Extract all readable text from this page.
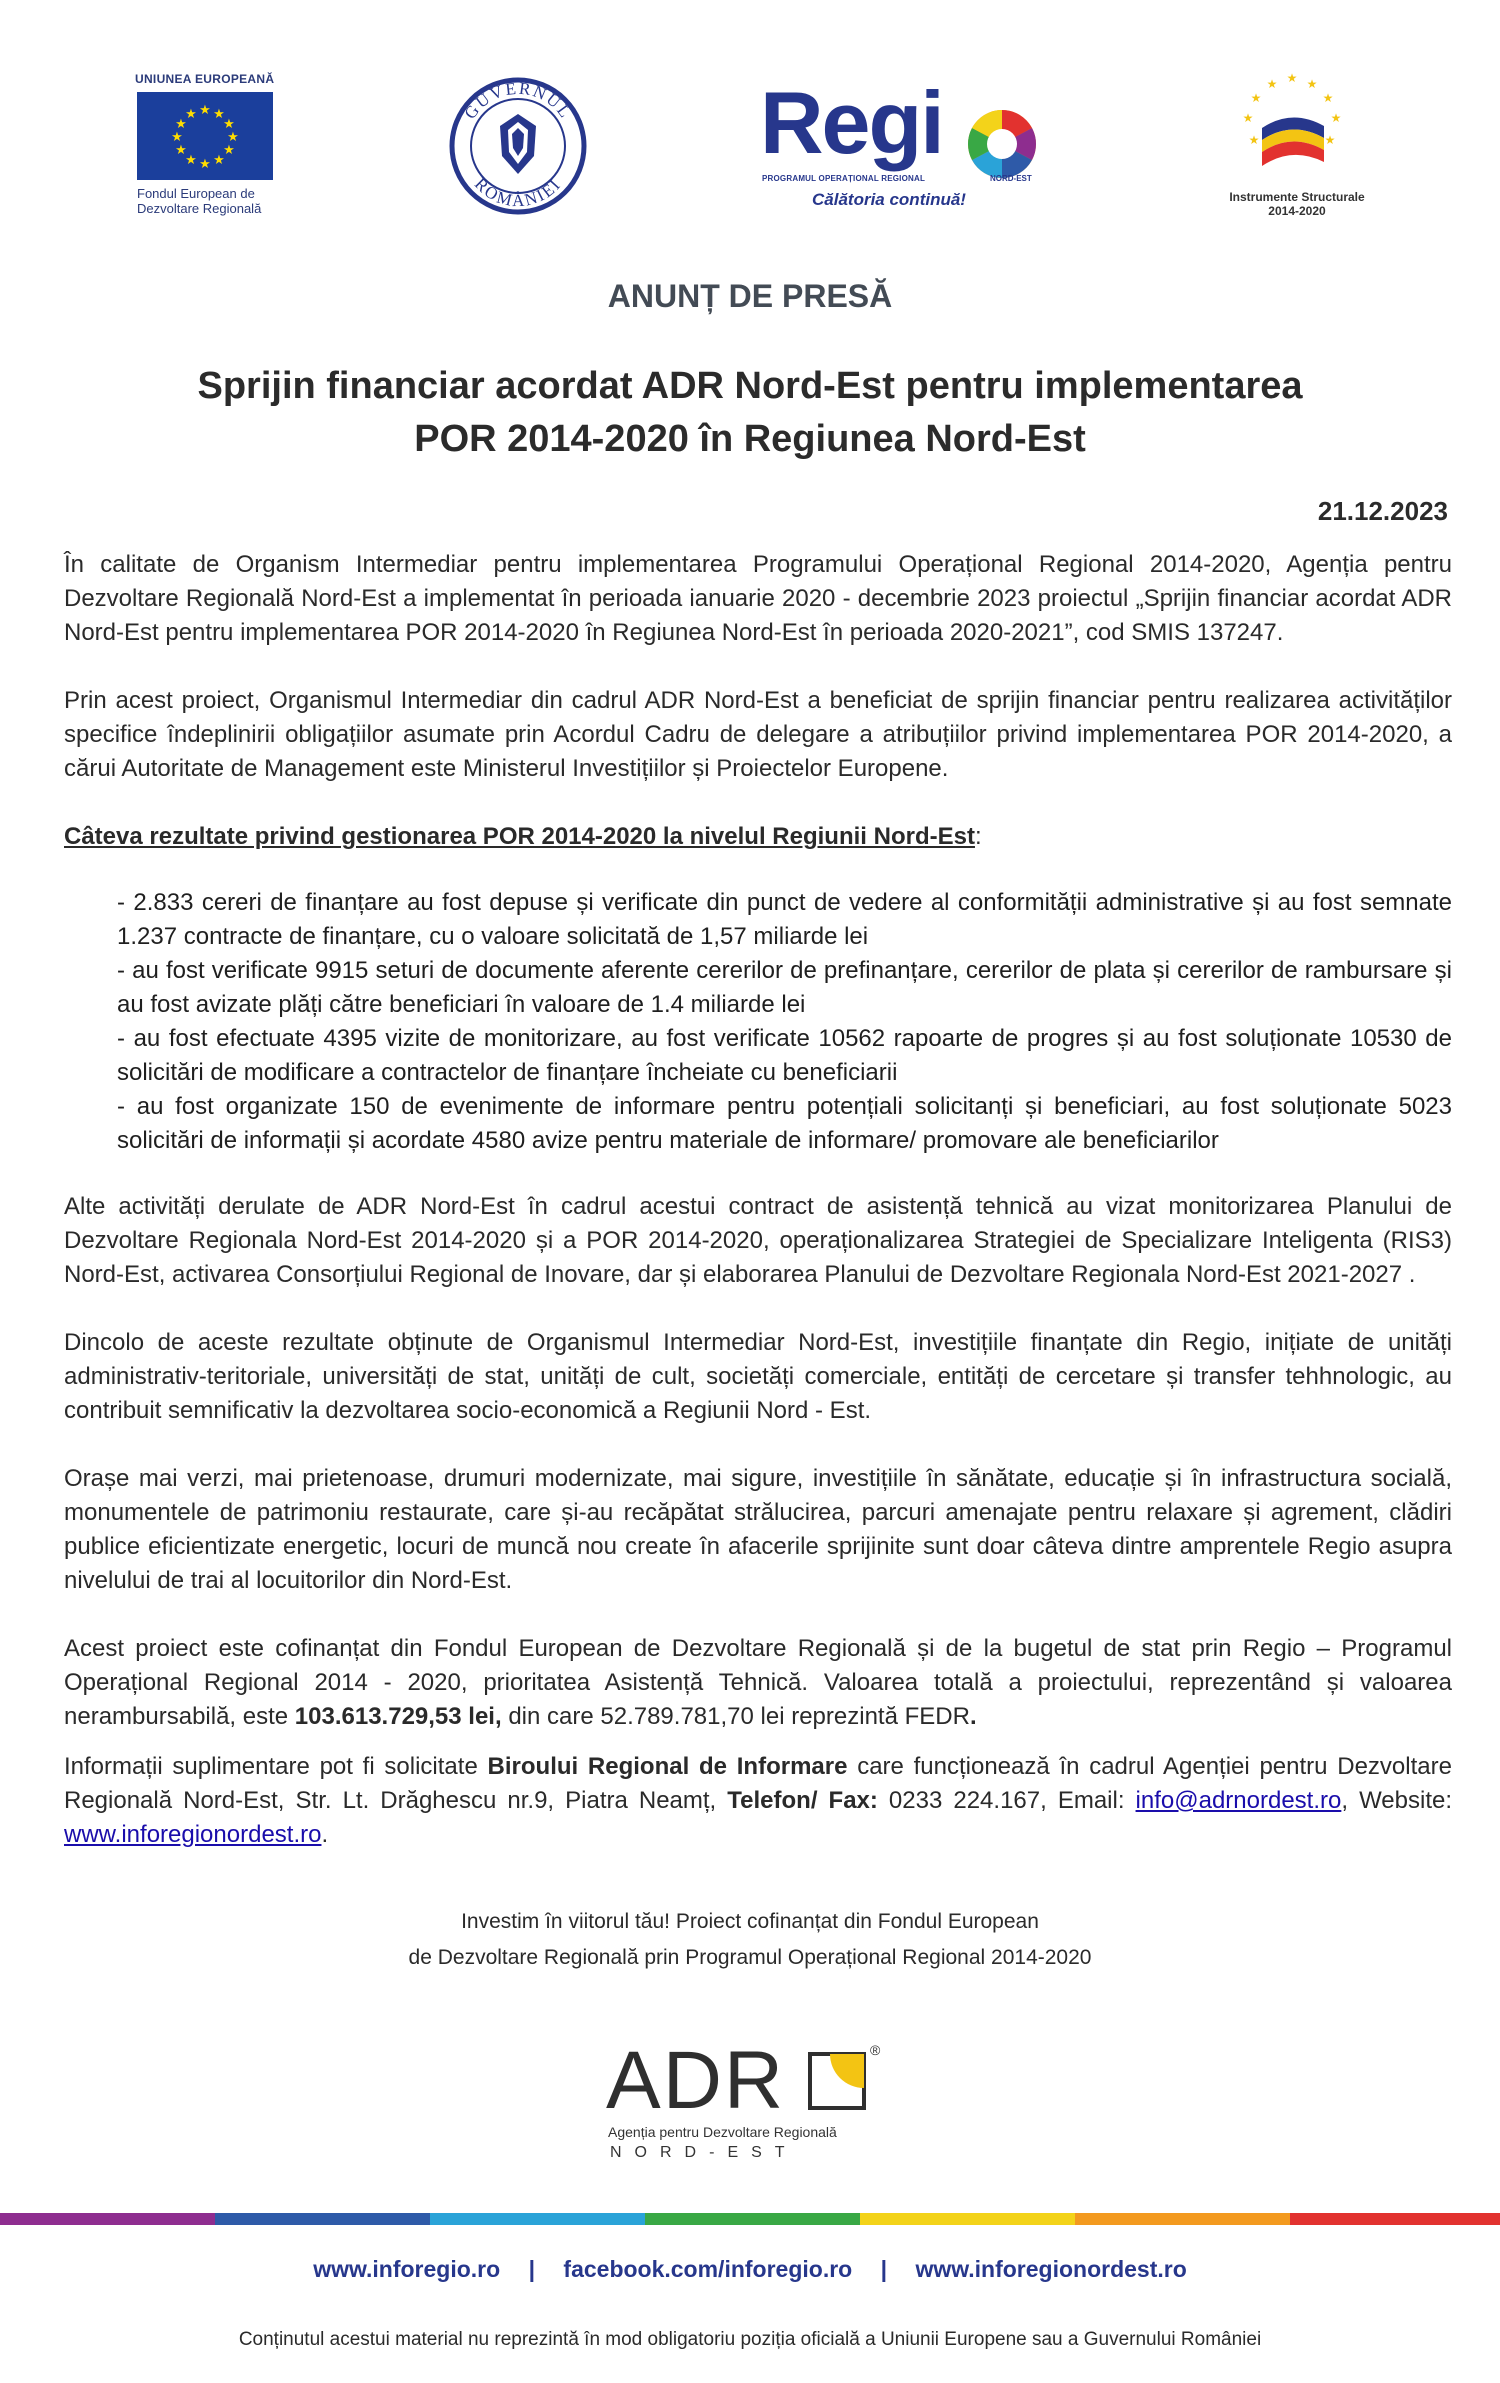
UNIUNEA EUROPEANĂ
★ ★
★
★
★
★
★
★
★
★
★
★
Fondul European de
Dezvoltare Regională
GUVERNUL
ROMÂNIEI
Regi
PROGRAMUL OPERAȚIONAL REGIONAL	NORD-EST
Călătoria continuă!
★ ★
★
★
★
★
★
★
★
Instrumente Structurale
2014-2020
ANUNȚ DE PRESĂ
Sprijin financiar acordat ADR Nord-Est pentru implementarea
POR 2014-2020 în Regiunea Nord-Est
21.12.2023
În calitate de Organism Intermediar pentru implementarea Programului Operațional Regional 2014-2020, Agenția pentru Dezvoltare Regională Nord-Est a implementat în perioada ianuarie 2020 - decembrie 2023 proiectul „Sprijin financiar acordat ADR Nord-Est pentru implementarea POR 2014-2020 în Regiunea Nord-Est în perioada 2020-2021”, cod SMIS 137247.
Prin acest proiect, Organismul Intermediar din cadrul ADR Nord-Est a beneficiat de sprijin financiar pentru realizarea activităților specifice îndeplinirii obligațiilor asumate prin Acordul Cadru de delegare a atribuțiilor privind implementarea POR 2014-2020, a cărui Autoritate de Management este Ministerul Investițiilor și Proiectelor Europene.
Câteva rezultate privind gestionarea POR 2014-2020 la nivelul Regiunii Nord-Est:
- 2.833 cereri de finanțare au fost depuse și verificate din punct de vedere al conformității administrative și au fost semnate 1.237 contracte de finanțare, cu o valoare solicitată de 1,57 miliarde lei
- au fost verificate 9915 seturi de documente aferente cererilor de prefinanțare, cererilor de plata și cererilor de rambursare și au fost avizate plăți către beneficiari în valoare de 1.4 miliarde lei
- au fost efectuate 4395 vizite de monitorizare, au fost verificate 10562 rapoarte de progres și au fost soluționate 10530 de solicitări de modificare a contractelor de finanțare încheiate cu beneficiarii
- au fost organizate 150 de evenimente de informare pentru potențiali solicitanți și beneficiari, au fost soluționate 5023 solicitări de informații și acordate 4580 avize pentru materiale de informare/ promovare ale beneficiarilor
Alte activități derulate de ADR Nord-Est în cadrul acestui contract de asistență tehnică au vizat monitorizarea Planului de Dezvoltare Regionala Nord-Est 2014-2020 și a POR 2014-2020, operaționalizarea Strategiei de Specializare Inteligenta (RIS3) Nord-Est, activarea Consorțiului Regional de Inovare, dar și elaborarea Planului de Dezvoltare Regionala Nord-Est 2021-2027 .
Dincolo de aceste rezultate obținute de Organismul Intermediar Nord-Est, investițiile finanțate din Regio, inițiate de unități administrativ-teritoriale, universități de stat, unități de cult, societăți comerciale, entități de cercetare și transfer tehhnologic, au contribuit semnificativ la dezvoltarea socio-economică a Regiunii Nord - Est.
Orașe mai verzi, mai prietenoase, drumuri modernizate, mai sigure, investițiile în sănătate, educație și în infrastructura socială, monumentele de patrimoniu restaurate, care și-au recăpătat strălucirea, parcuri amenajate pentru relaxare și agrement, clădiri publice eficientizate energetic, locuri de muncă nou create în afacerile sprijinite sunt doar câteva dintre amprentele Regio asupra nivelului de trai al locuitorilor din Nord-Est.
Acest proiect este cofinanțat din Fondul European de Dezvoltare Regională și de la bugetul de stat prin Regio – Programul Operațional Regional 2014 - 2020, prioritatea Asistență Tehnică. Valoarea totală a proiectului, reprezentând și valoarea nerambursabilă, este 103.613.729,53 lei, din care 52.789.781,70 lei reprezintă FEDR.
Informații suplimentare pot fi solicitate Biroului Regional de Informare care funcționează în cadrul Agenției pentru Dezvoltare Regională Nord-Est, Str. Lt. Drăghescu nr.9, Piatra Neamț, Telefon/ Fax: 0233 224.167, Email: info@adrnordest.ro, Website: www.inforegionordest.ro.
Investim în viitorul tău! Proiect cofinanțat din Fondul European
de Dezvoltare Regională prin Programul Operațional Regional 2014-2020
ADR	®
Agenția pentru Dezvoltare Regională
NORD-EST
www.inforegio.ro | facebook.com/inforegio.ro | www.inforegionordest.ro
Conținutul acestui material nu reprezintă în mod obligatoriu poziția oficială a Uniunii Europene sau a Guvernului României
